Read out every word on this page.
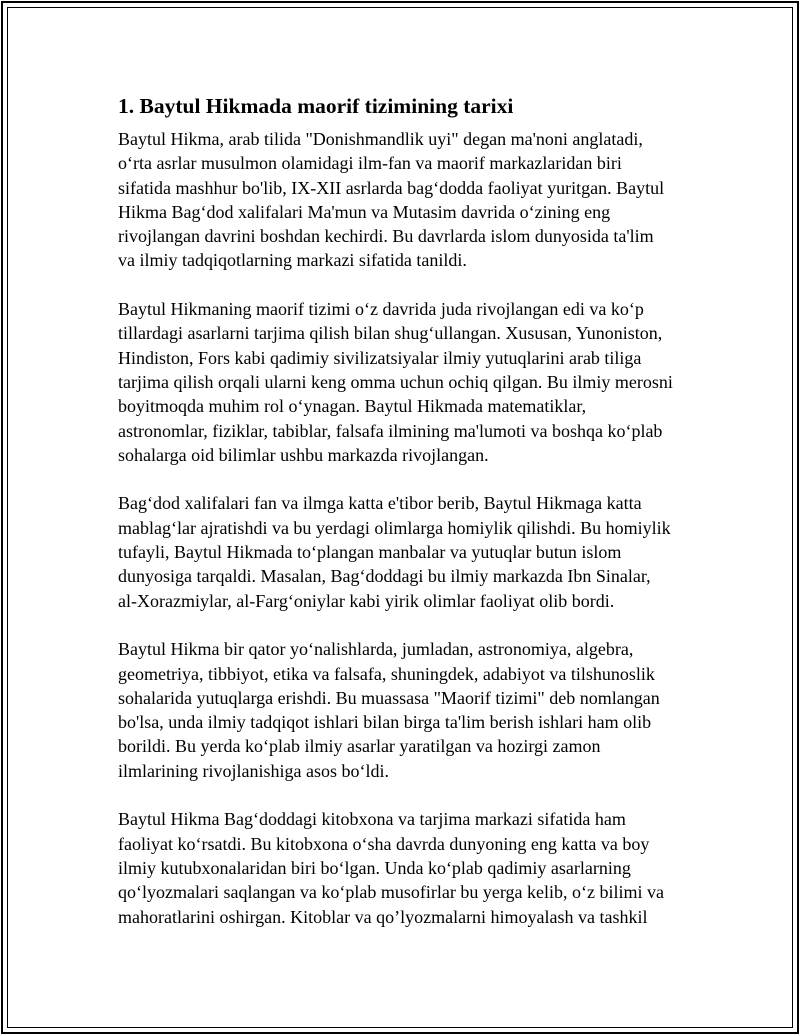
1. Baytul Hikmada maorif tizimining tarixi
Baytul Hikma, arab tilida "Donishmandlik uyi" degan ma'noni anglatadi,
o‘rta asrlar musulmon olamidagi ilm-fan va maorif markazlaridan biri
sifatida mashhur bo'lib, IX-XII asrlarda bag‘dodda faoliyat yuritgan. Baytul
Hikma Bag‘dod xalifalari Ma'mun va Mutasim davrida o‘zining eng
rivojlangan davrini boshdan kechirdi. Bu davrlarda islom dunyosida ta'lim
va ilmiy tadqiqotlarning markazi sifatida tanildi.
Baytul Hikmaning maorif tizimi o‘z davrida juda rivojlangan edi va ko‘p
tillardagi asarlarni tarjima qilish bilan shug‘ullangan. Xususan, Yunoniston,
Hindiston, Fors kabi qadimiy sivilizatsiyalar ilmiy yutuqlarini arab tiliga
tarjima qilish orqali ularni keng omma uchun ochiq qilgan. Bu ilmiy merosni
boyitmoqda muhim rol o‘ynagan. Baytul Hikmada matematiklar,
astronomlar, fiziklar, tabiblar, falsafa ilmining ma'lumoti va boshqa ko‘plab
sohalarga oid bilimlar ushbu markazda rivojlangan.
Bag‘dod xalifalari fan va ilmga katta e'tibor berib, Baytul Hikmaga katta
mablag‘lar ajratishdi va bu yerdagi olimlarga homiylik qilishdi. Bu homiylik
tufayli, Baytul Hikmada to‘plangan manbalar va yutuqlar butun islom
dunyosiga tarqaldi. Masalan, Bag‘doddagi bu ilmiy markazda Ibn Sinalar,
al-Xorazmiylar, al-Farg‘oniylar kabi yirik olimlar faoliyat olib bordi.
Baytul Hikma bir qator yo‘nalishlarda, jumladan, astronomiya, algebra,
geometriya, tibbiyot, etika va falsafa, shuningdek, adabiyot va tilshunoslik
sohalarida yutuqlarga erishdi. Bu muassasa "Maorif tizimi" deb nomlangan
bo'lsa, unda ilmiy tadqiqot ishlari bilan birga ta'lim berish ishlari ham olib
borildi. Bu yerda ko‘plab ilmiy asarlar yaratilgan va hozirgi zamon
ilmlarining rivojlanishiga asos bo‘ldi.
Baytul Hikma Bag‘doddagi kitobxona va tarjima markazi sifatida ham
faoliyat ko‘rsatdi. Bu kitobxona o‘sha davrda dunyoning eng katta va boy
ilmiy kutubxonalaridan biri bo‘lgan. Unda ko‘plab qadimiy asarlarning
qo‘lyozmalari saqlangan va ko‘plab musofirlar bu yerga kelib, o‘z bilimi va
mahoratlarini oshirgan. Kitoblar va qo’lyozmalarni himoyalash va tashkil
